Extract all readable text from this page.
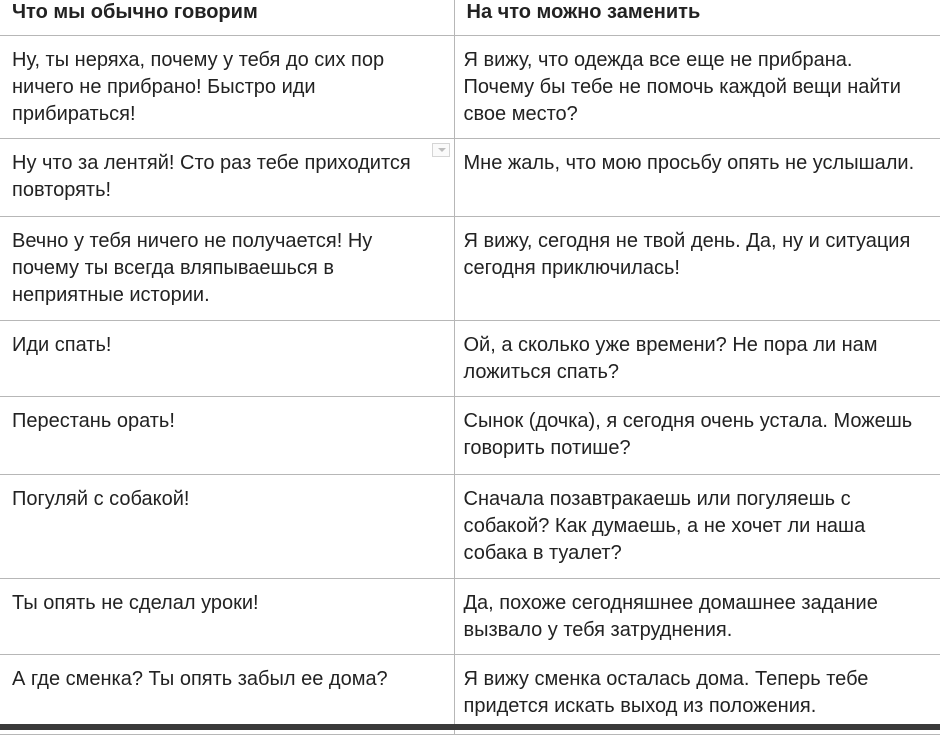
Что мы обычно говорим	На что можно заменить
Ну, ты неряха, почему у тебя до сих пор ничего не прибрано! Быстро иди прибираться!	Я вижу, что одежда все еще не прибрана. Почему бы тебе не помочь каждой вещи найти свое место?
Ну что за лентяй! Сто раз тебе приходится повторять!	Мне жаль, что мою просьбу опять не услышали.
Вечно у тебя ничего не получается! Ну почему ты всегда вляпываешься в неприятные истории.	Я вижу, сегодня не твой день. Да, ну и ситуация сегодня приключилась!
Иди спать!	Ой, а сколько уже времени? Не пора ли нам ложиться спать?
Перестань орать!	Сынок (дочка), я сегодня очень устала. Можешь говорить потише?
Погуляй с собакой!	Сначала позавтракаешь или погуляешь с собакой? Как думаешь, а не хочет ли наша собака в туалет?
Ты опять не сделал уроки!	Да, похоже сегодняшнее домашнее задание вызвало у тебя затруднения.
А где сменка? Ты опять забыл ее дома?	Я вижу сменка осталась дома. Теперь тебе придется искать выход из положения.
